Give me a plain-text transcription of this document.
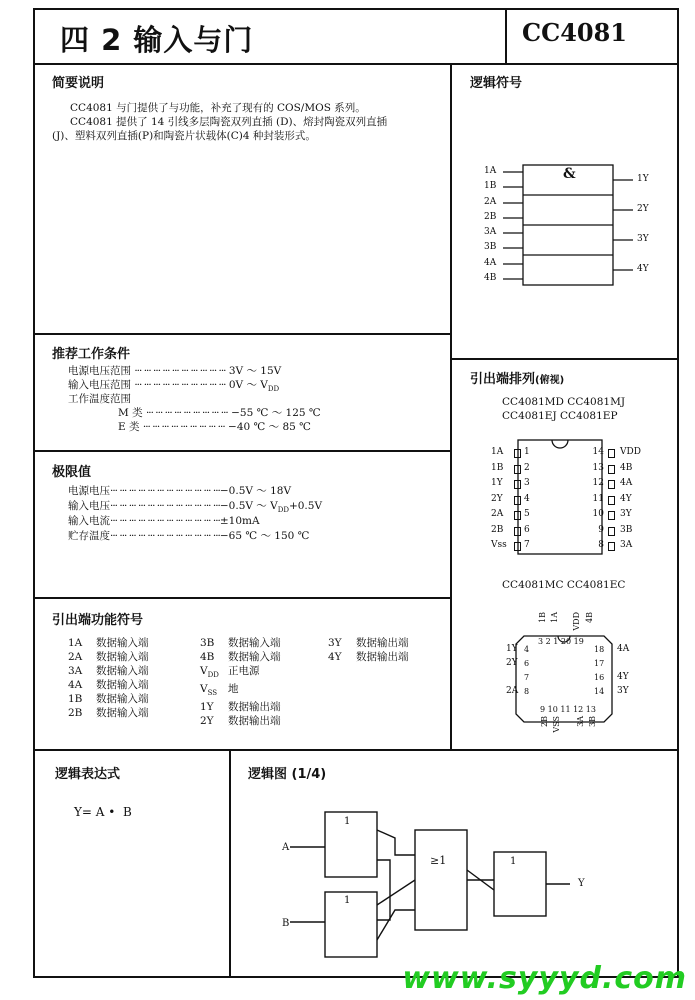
四 2 输入与门	CC4081
简要说明
CC4081 与门提供了与功能，补充了现有的 COS/MOS 系列。
CC4081 提供了 14 引线多层陶瓷双列直插 (D)、熔封陶瓷双列直插
(J)、塑料双列直插(P)和陶瓷片状载体(C)4 种封装形式。
逻辑符号
&
1A
1B
2A
2B
3A
3B
4A
4B
1Y
2Y
3Y
4Y
推荐工作条件
电源电压范围 ··· ··· ··· ··· ··· ··· ··· ··· ··· ··· 3V ～ 15V
输入电压范围 ··· ··· ··· ··· ··· ··· ··· ··· ··· ··· 0V ～ $V_{DD}$
工作温度范围
M 类 ··· ··· ··· ··· ··· ··· ··· ··· ··· −55 ℃ ～ 125 ℃
E 类 ··· ··· ··· ··· ··· ··· ··· ··· ··· −40 ℃ ～ 85 ℃
极限值
电源电压··· ··· ··· ··· ··· ··· ··· ··· ··· ··· ··· ···−0.5V ～ 18V
输入电压··· ··· ··· ··· ··· ··· ··· ··· ··· ··· ··· ···−0.5V ～ $V_{DD}+0.5V$
输入电流··· ··· ··· ··· ··· ··· ··· ··· ··· ··· ··· ···±10mA
贮存温度··· ··· ··· ··· ··· ··· ··· ··· ··· ··· ··· ···−65 ℃ ～ 150 ℃
引出端功能符号
1A	数据输入端
2A	数据输入端
3A	数据输入端
4A	数据输入端
1B	数据输入端
2B	数据输入端
3B	数据输入端
4B	数据输入端
$V_{DD}$	正电源
$V_{SS}$	地
1Y	数据输出端
2Y	数据输出端
3Y	数据输出端
4Y	数据输出端
引出端排列(俯视)
CC4081MD CC4081MJ
CC4081EJ CC4081EP
1A 1
1B 2
1Y 3
2Y 4
2A 5
2B 6
Vss 7
14 VDD
13 4B
12 4A
11 4Y
10 3Y
9 3B
8 3A
CC4081MC CC4081EC
1B 1A VDD 4B
3 2 1 20 19
1Y 4
2Y 6
7
2A 8
18 4A
17
16 4Y
14 3Y
9 10 11 12 13
2B VSS 3A 3B
逻辑表达式
Y= A •  B
逻辑图 (1/4)
1
1
≥1	1
A
B
Y
www.syyyd.com
